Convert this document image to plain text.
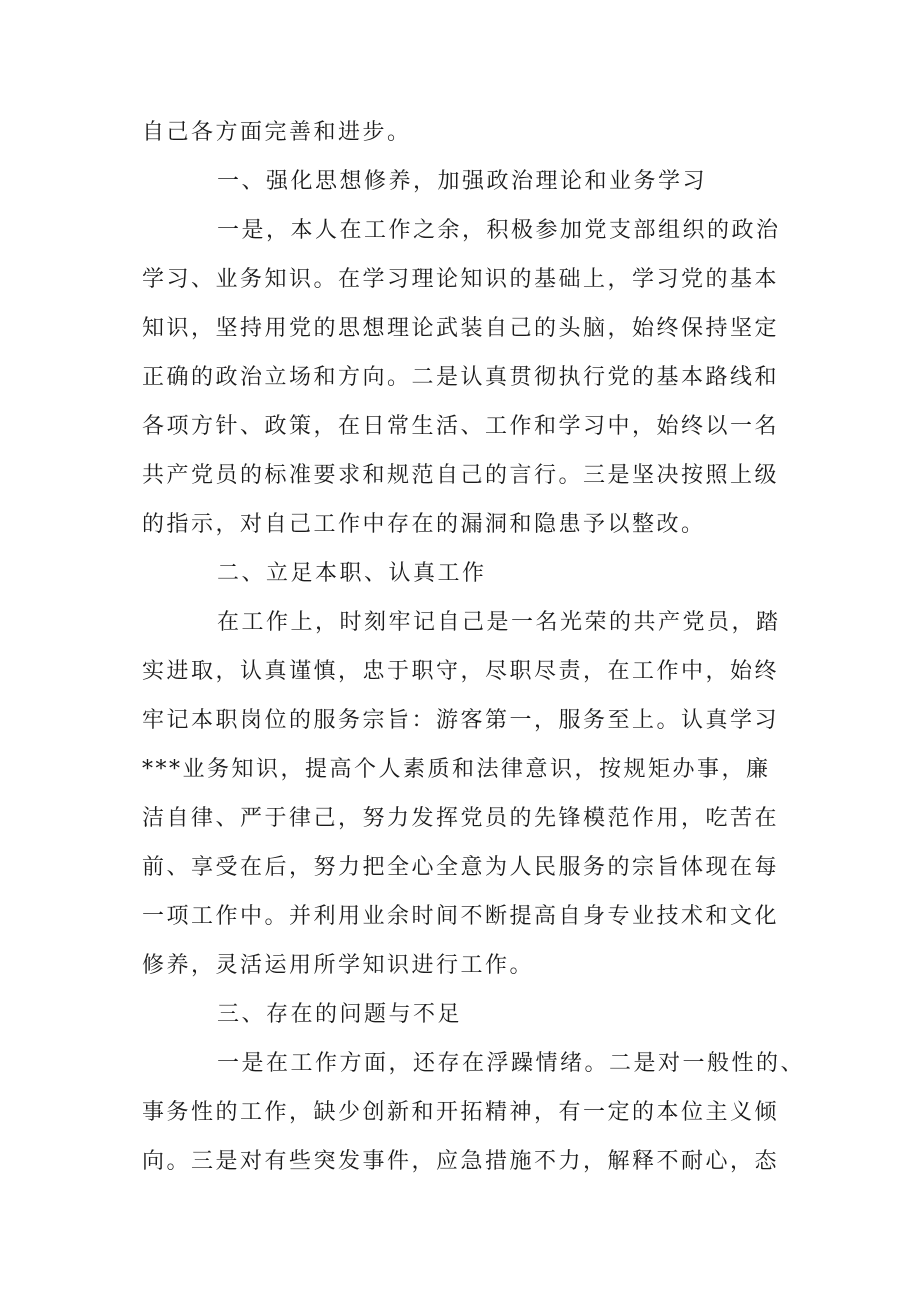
自己各方面完善和进步。
一、强化思想修养，加强政治理论和业务学习
一是，本人在工作之余，积极参加党支部组织的政治
学习、业务知识。在学习理论知识的基础上，学习党的基本
知识，坚持用党的思想理论武装自己的头脑，始终保持坚定
正确的政治立场和方向。二是认真贯彻执行党的基本路线和
各项方针、政策，在日常生活、工作和学习中，始终以一名
共产党员的标准要求和规范自己的言行。三是坚决按照上级
的指示，对自己工作中存在的漏洞和隐患予以整改。
二、立足本职、认真工作
在工作上，时刻牢记自己是一名光荣的共产党员，踏
实进取，认真谨慎，忠于职守，尽职尽责，在工作中，始终
牢记本职岗位的服务宗旨：游客第一，服务至上。认真学习
***业务知识，提高个人素质和法律意识，按规矩办事，廉
洁自律、严于律己，努力发挥党员的先锋模范作用，吃苦在
前、享受在后，努力把全心全意为人民服务的宗旨体现在每
一项工作中。并利用业余时间不断提高自身专业技术和文化
修养，灵活运用所学知识进行工作。
三、存在的问题与不足
一是在工作方面，还存在浮躁情绪。二是对一般性的、
事务性的工作，缺少创新和开拓精神，有一定的本位主义倾
向。三是对有些突发事件，应急措施不力，解释不耐心，态
